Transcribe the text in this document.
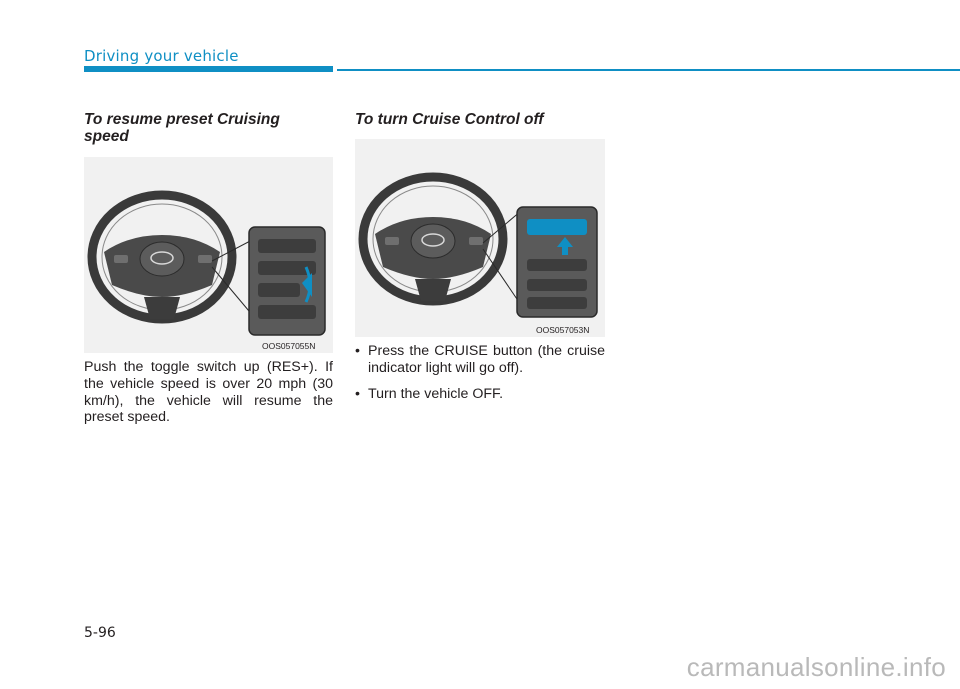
Driving your vehicle
To resume preset Cruising speed
OOS057055N

Push the toggle switch up (RES+). If the vehicle speed is over 20 mph (30 km/h), the vehicle will resume the preset speed.

To turn Cruise Control off
OOS057053N
• Press the CRUISE button (the cruise indicator light will go off).
• Turn the vehicle OFF.
5-96
carmanualsonline.info
